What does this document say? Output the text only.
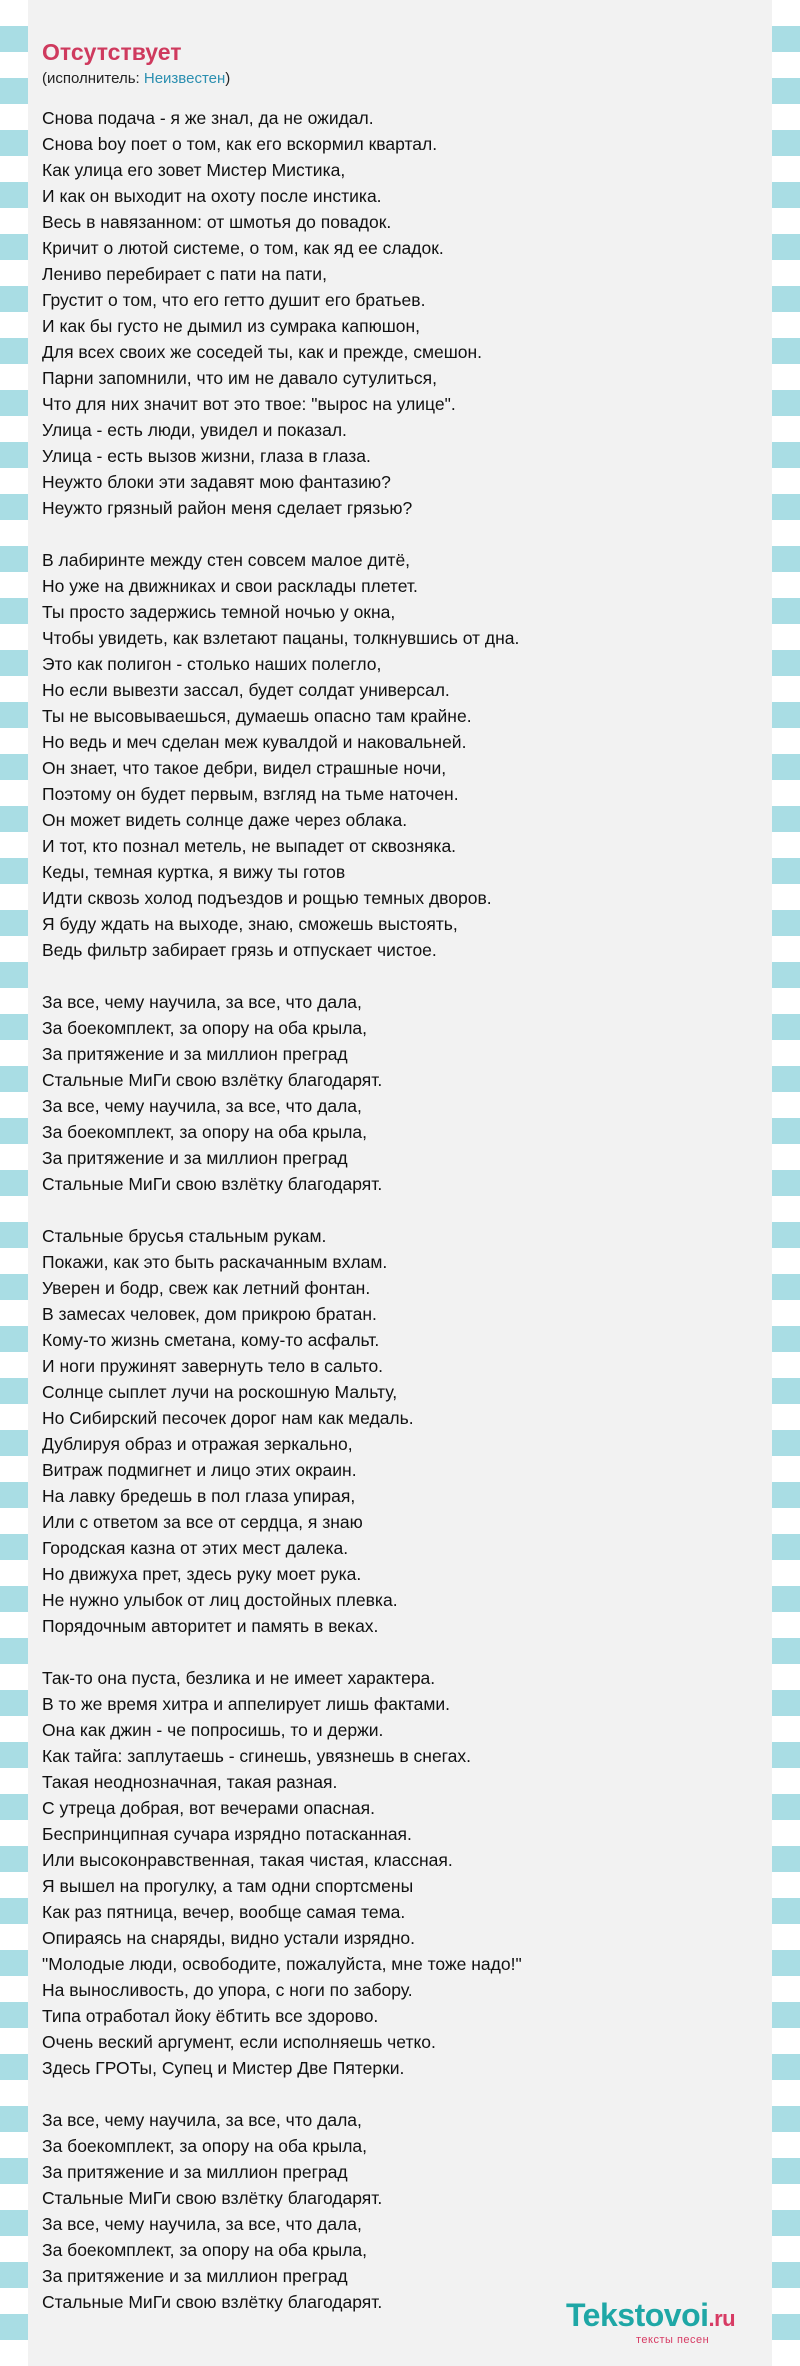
Отсутствует
(исполнитель: Неизвестен)
Снова подача - я же знал, да не ожидал.
Снова boy поет о том, как его вскормил квартал.
Как улица его зовет Мистер Мистика,
И как он выходит на охоту после инстика.
Весь в навязанном: от шмотья до повадок.
Кричит о лютой системе, о том, как яд ее сладок.
Лениво перебирает с пати на пати,
Грустит о том, что его гетто душит его братьев.
И как бы густо не дымил из сумрака капюшон,
Для всех своих же соседей ты, как и прежде, смешон.
Парни запомнили, что им не давало сутулиться,
Что для них значит вот это твое: "вырос на улице".
Улица - есть люди, увидел и показал.
Улица - есть вызов жизни, глаза в глаза.
Неужто блоки эти задавят мою фантазию?
Неужто грязный район меня сделает грязью?
В лабиринте между стен совсем малое дитё,
Но уже на движниках и свои расклады плетет.
Ты просто задержись темной ночью у окна,
Чтобы увидеть, как взлетают пацаны, толкнувшись от дна.
Это как полигон - столько наших полегло,
Но если вывезти зассал, будет солдат универсал.
Ты не высовываешься, думаешь опасно там крайне.
Но ведь и меч сделан меж кувалдой и наковальней.
Он знает, что такое дебри, видел страшные ночи,
Поэтому он будет первым, взгляд на тьме наточен.
Он может видеть солнце даже через облака.
И тот, кто познал метель, не выпадет от сквозняка.
Кеды, темная куртка, я вижу ты готов
Идти сквозь холод подъездов и рощью темных дворов.
Я буду ждать на выходе, знаю, сможешь выстоять,
Ведь фильтр забирает грязь и отпускает чистое.
За все, чему научила, за все, что дала,
За боекомплект, за опору на оба крыла,
За притяжение и за миллион преград
Стальные МиГи свою взлётку благодарят.
За все, чему научила, за все, что дала,
За боекомплект, за опору на оба крыла,
За притяжение и за миллион преград
Стальные МиГи свою взлётку благодарят.
Стальные брусья стальным рукам.
Покажи, как это быть раскачанным вхлам.
Уверен и бодр, свеж как летний фонтан.
В замесах человек, дом прикрою братан.
Кому-то жизнь сметана, кому-то асфальт.
И ноги пружинят завернуть тело в сальто.
Солнце сыплет лучи на роскошную Мальту,
Но Сибирский песочек дорог нам как медаль.
Дублируя образ и отражая зеркально,
Витраж подмигнет и лицо этих окраин.
На лавку бредешь в пол глаза упирая,
Или с ответом за все от сердца, я знаю
Городская казна от этих мест далека.
Но движуха прет, здесь руку моет рука.
Не нужно улыбок от лиц достойных плевка.
Порядочным авторитет и память в веках.
Так-то она пуста, безлика и не имеет характера.
В то же время хитра и аппелирует лишь фактами.
Она как джин - че попросишь, то и держи.
Как тайга: заплутаешь - сгинешь, увязнешь в снегах.
Такая неоднозначная, такая разная.
С утреца добрая, вот вечерами опасная.
Беспринципная сучара изрядно потасканная.
Или высоконравственная, такая чистая, классная.
Я вышел на прогулку, а там одни спортсмены
Как раз пятница, вечер, вообще самая тема.
Опираясь на снаряды, видно устали изрядно.
"Молодые люди, освободите, пожалуйста, мне тоже надо!"
На выносливость, до упора, с ноги по забору.
Типа отработал йоку ёбтить все здорово.
Очень веский аргумент, если исполняешь четко.
Здесь ГРОТы, Супец и Мистер Две Пятерки.
За все, чему научила, за все, что дала,
За боекомплект, за опору на оба крыла,
За притяжение и за миллион преград
Стальные МиГи свою взлётку благодарят.
За все, чему научила, за все, что дала,
За боекомплект, за опору на оба крыла,
За притяжение и за миллион преград
Стальные МиГи свою взлётку благодарят.	Tekstovoi.ru
тексты песен
